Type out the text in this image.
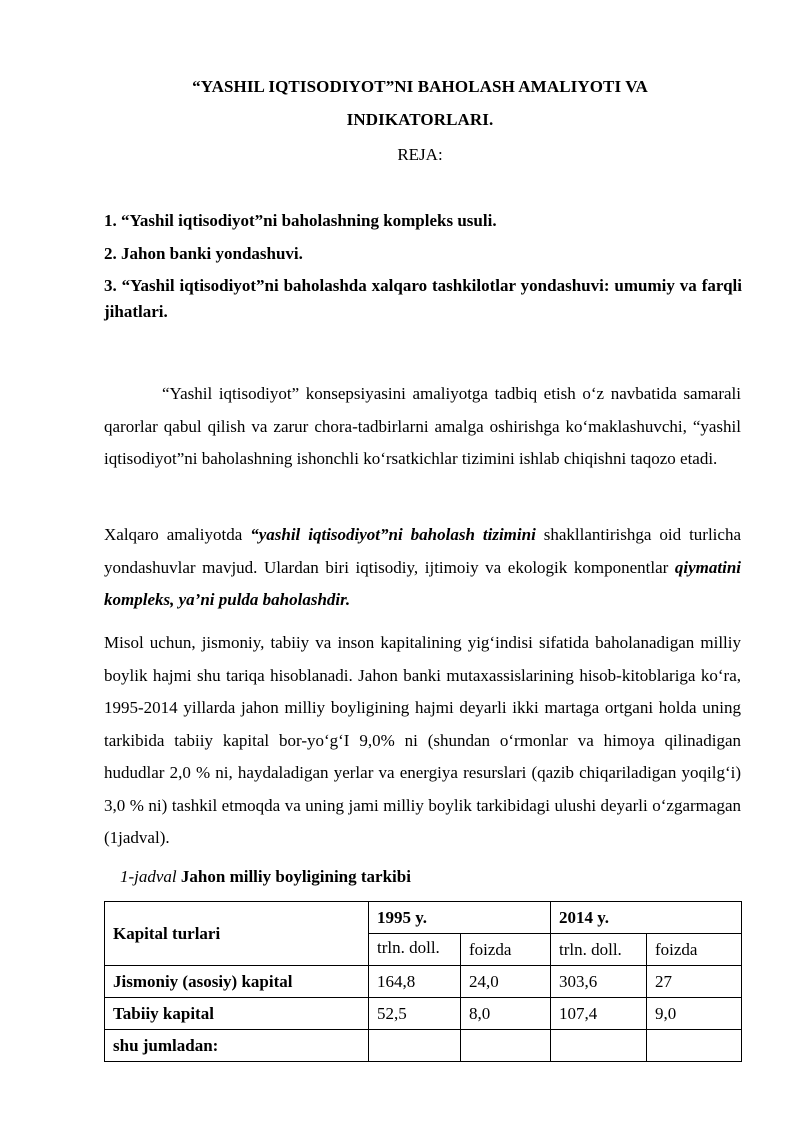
“YASHIL IQTISODIYOT”NI BAHOLASH AMALIYOTI VA
INDIKATORLARI.
REJA:
1. “Yashil iqtisodiyot”ni baholashning kompleks usuli.
2. Jahon banki yondashuvi.
3. “Yashil iqtisodiyot”ni baholashda xalqaro tashkilotlar yondashuvi: umumiy va farqli jihatlari.
“Yashil iqtisodiyot” konsepsiyasini amaliyotga tadbiq etish o‘z navbatida samarali qarorlar qabul qilish va zarur chora-tadbirlarni amalga oshirishga ko‘maklashuvchi, “yashil iqtisodiyot”ni baholashning ishonchli ko‘rsatkichlar tizimini ishlab chiqishni taqozo etadi.
Xalqaro amaliyotda “yashil iqtisodiyot”ni baholash tizimini shakllantirishga oid turlicha yondashuvlar mavjud. Ulardan biri iqtisodiy, ijtimoiy va ekologik komponentlar qiymatini kompleks, ya’ni pulda baholashdir.
Misol uchun, jismoniy, tabiiy va inson kapitalining yig‘indisi sifatida baholanadigan milliy boylik hajmi shu tariqa hisoblanadi. Jahon banki mutaxassislarining hisob-kitoblariga ko‘ra, 1995-2014 yillarda jahon milliy boyligining hajmi deyarli ikki martaga ortgani holda uning tarkibida tabiiy kapital bor-yo‘g‘I 9,0% ni (shundan o‘rmonlar va himoya qilinadigan hududlar 2,0 % ni, haydaladigan yerlar va energiya resurslari (qazib chiqariladigan yoqilg‘i) 3,0 % ni) tashkil etmoqda va uning jami milliy boylik tarkibidagi ulushi deyarli o‘zgarmagan (1jadval).
1-jadval Jahon milliy boyligining tarkibi
Kapital turlari	1995 y.		2014 y.	
	trln. doll.	foizda	trln. doll.	foizda
Jismoniy (asosiy) kapital	164,8	24,0	303,6	27
Tabiiy kapital	52,5	8,0	107,4	9,0
shu jumladan:				
